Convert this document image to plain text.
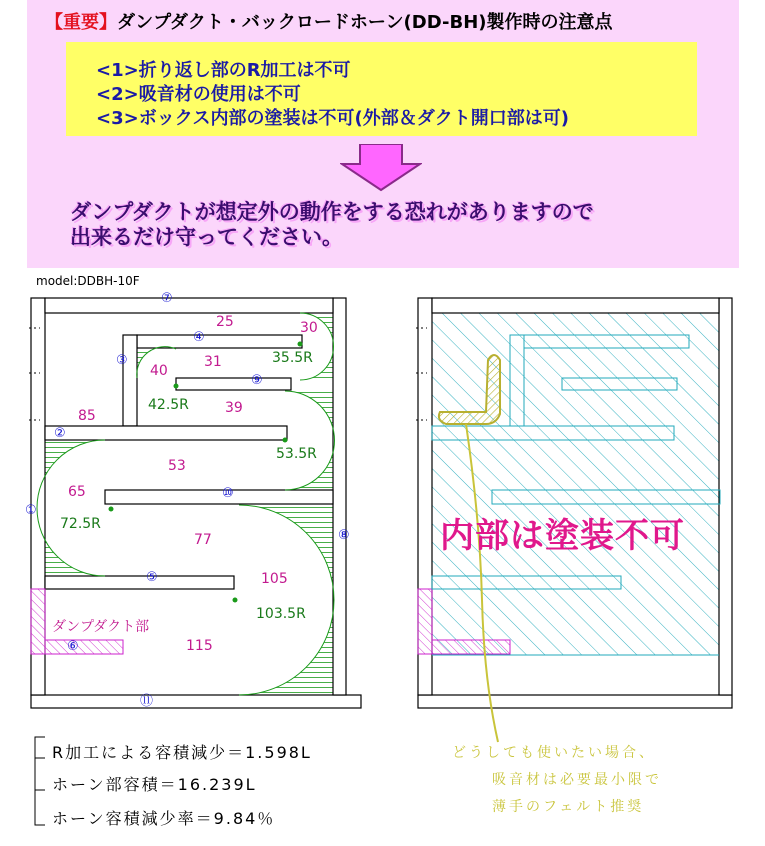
【重要】ダンプダクト・バックロードホーン(DD-BH)製作時の注意点
<1>折り返し部のR加工は不可
<2>吸音材の使用は不可
<3>ボックス内部の塗装は不可(外部＆ダクト開口部は可)
ダンプダクトが想定外の動作をする恐れがありますので
出来るだけ守ってください。
model:DDBH-10F
⑦
④
③
⑨
②
⑩
①
⑧
⑤
⑥
⑪
25	30
31
40
39
85
53
65
77
105
115
35.5R
42.5R
53.5R
72.5R
103.5R
ダンプダクト部
内部は塗装不可
どうしても使いたい場合、
吸音材は必要最小限で
薄手のフェルト推奨
R加工による容積減少＝1.598L
ホーン部容積＝16.239L
ホーン容積減少率＝9.84％
